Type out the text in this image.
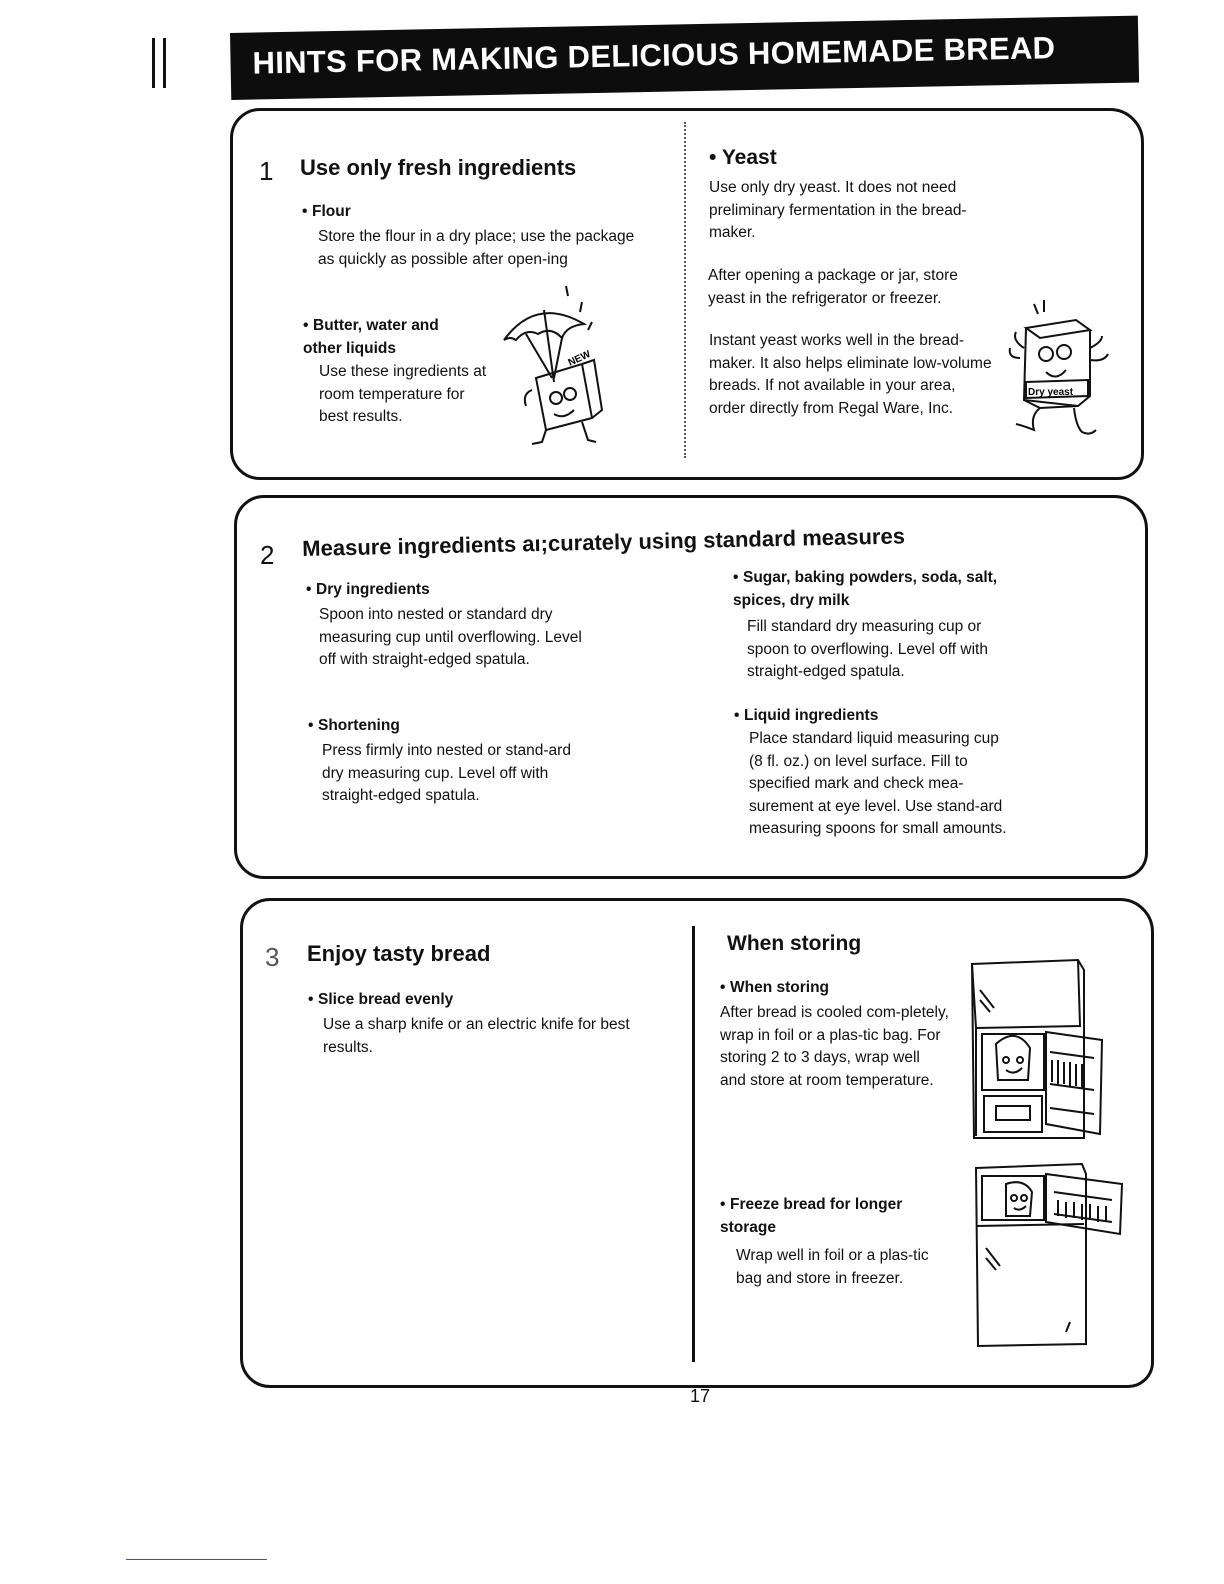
HINTS FOR MAKING DELICIOUS HOMEMADE BREAD
1 Use only fresh ingredients
• Flour
Store the flour in a dry place; use the package as quickly as possible after open-ing
• Butter, water and other liquids
Use these ingredients at room temperature for best results.
NEW
• Yeast
Use only dry yeast. It does not need preliminary fermentation in the bread-maker.
After opening a package or jar, store yeast in the refrigerator or freezer.
Instant yeast works well in the bread-maker. It also helps eliminate low-volume breads. If not available in your area, order directly from Regal Ware, Inc.
Dry yeast
2 Measure ingredients aı;curately using standard measures
• Dry ingredients
Spoon into nested or standard dry measuring cup until overflowing. Level off with straight-edged spatula.
• Shortening
Press firmly into nested or stand-ard dry measuring cup. Level off with straight-edged spatula.
• Sugar, baking powders, soda, salt, spices, dry milk
Fill standard dry measuring cup or spoon to overflowing. Level off with straight-edged spatula.
• Liquid ingredients
Place standard liquid measuring cup (8 fl. oz.) on level surface. Fill to specified mark and check mea-surement at eye level. Use stand-ard measuring spoons for small amounts.
3 Enjoy tasty bread
• Slice bread evenly
Use a sharp knife or an electric knife for best results.
When storing
• When storing
After bread is cooled com-pletely, wrap in foil or a plas-tic bag. For storing 2 to 3 days, wrap well and store at room temperature.
• Freeze bread for longer storage
Wrap well in foil or a plas-tic bag and store in freezer.
17
